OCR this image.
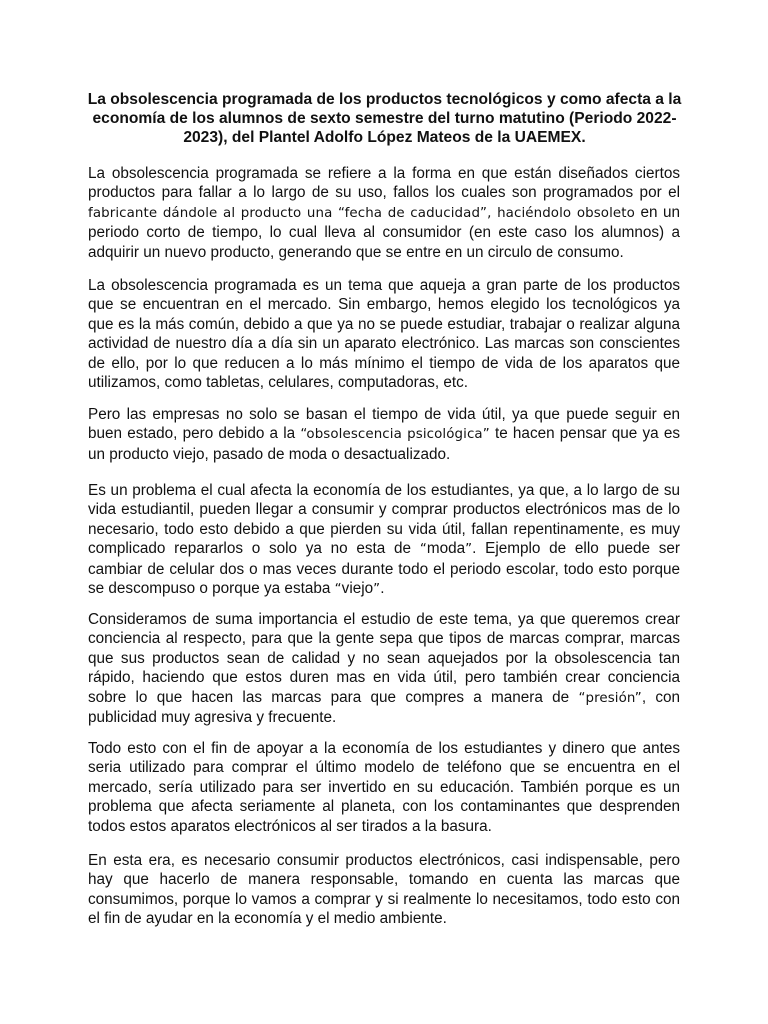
La obsolescencia programada de los productos tecnológicos y como afecta a la economía de los alumnos de sexto semestre del turno matutino (Periodo 2022-2023), del Plantel Adolfo López Mateos de la UAEMEX.

La obsolescencia programada se refiere a la forma en que están diseñados ciertos productos para fallar a lo largo de su uso, fallos los cuales son programados por el fabricante dándole al producto una “fecha de caducidad”, haciéndolo obsoleto en un periodo corto de tiempo, lo cual lleva al consumidor (en este caso los alumnos) a adquirir un nuevo producto, generando que se entre en un circulo de consumo.

La obsolescencia programada es un tema que aqueja a gran parte de los productos que se encuentran en el mercado. Sin embargo, hemos elegido los tecnológicos ya que es la más común, debido a que ya no se puede estudiar, trabajar o realizar alguna actividad de nuestro día a día sin un aparato electrónico. Las marcas son conscientes de ello, por lo que reducen a lo más mínimo el tiempo de vida de los aparatos que utilizamos, como tabletas, celulares, computadoras, etc.

Pero las empresas no solo se basan el tiempo de vida útil, ya que puede seguir en buen estado, pero debido a la “obsolescencia psicológica” te hacen pensar que ya es un producto viejo, pasado de moda o desactualizado.

Es un problema el cual afecta la economía de los estudiantes, ya que, a lo largo de su vida estudiantil, pueden llegar a consumir y comprar productos electrónicos mas de lo necesario, todo esto debido a que pierden su vida útil, fallan repentinamente, es muy complicado repararlos o solo ya no esta de “moda”. Ejemplo de ello puede ser cambiar de celular dos o mas veces durante todo el periodo escolar, todo esto porque se descompuso o porque ya estaba “viejo”.

Consideramos de suma importancia el estudio de este tema, ya que queremos crear conciencia al respecto, para que la gente sepa que tipos de marcas comprar, marcas que sus productos sean de calidad y no sean aquejados por la obsolescencia tan rápido, haciendo que estos duren mas en vida útil, pero también crear conciencia sobre lo que hacen las marcas para que compres a manera de “presión”, con publicidad muy agresiva y frecuente.

Todo esto con el fin de apoyar a la economía de los estudiantes y dinero que antes seria utilizado para comprar el último modelo de teléfono que se encuentra en el mercado, sería utilizado para ser invertido en su educación. También porque es un problema que afecta seriamente al planeta, con los contaminantes que desprenden todos estos aparatos electrónicos al ser tirados a la basura.

En esta era, es necesario consumir productos electrónicos, casi indispensable, pero hay que hacerlo de manera responsable, tomando en cuenta las marcas que consumimos, porque lo vamos a comprar y si realmente lo necesitamos, todo esto con el fin de ayudar en la economía y el medio ambiente.
